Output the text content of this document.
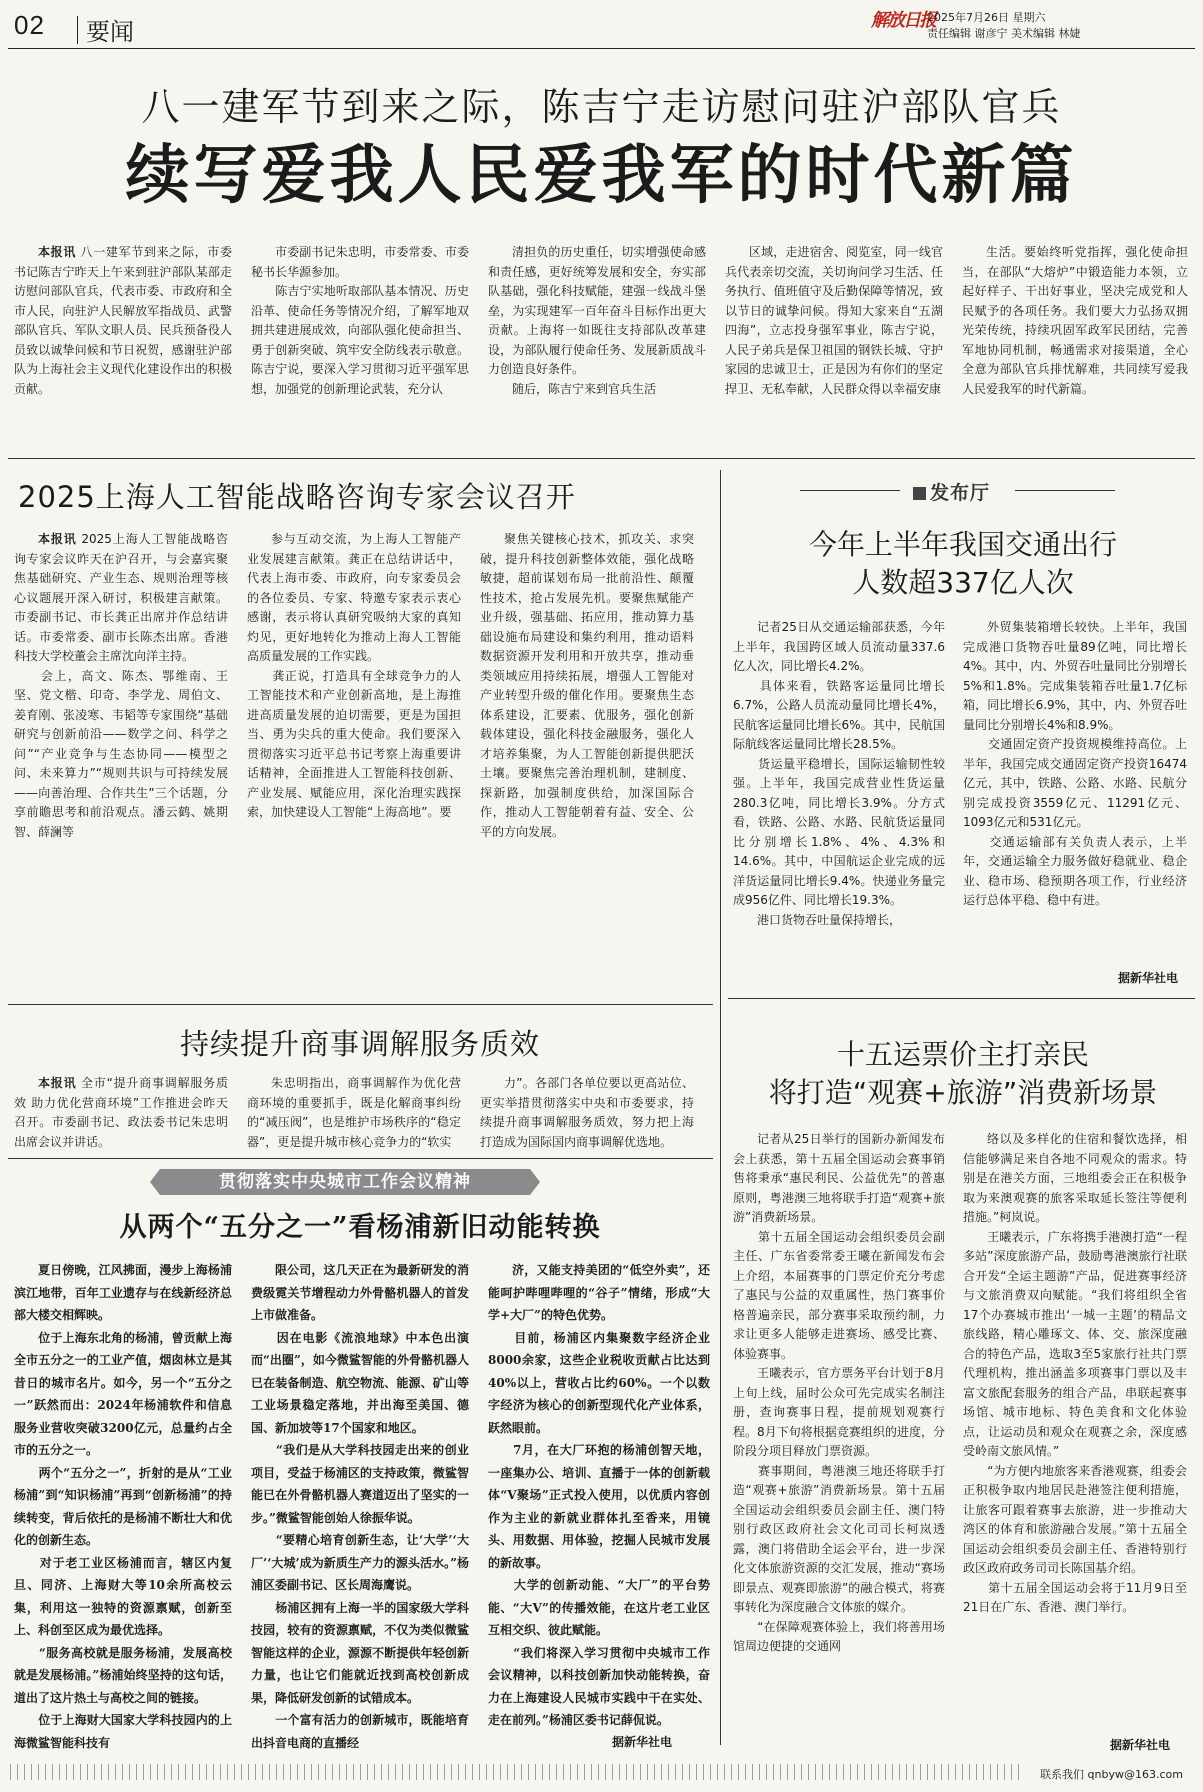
02 要闻	解放日报
2025年7月26日 星期六
责任编辑 谢彦宁 美术编辑 林婕
八一建军节到来之际，陈吉宁走访慰问驻沪部队官兵
续写爱我人民爱我军的时代新篇

本报讯 八一建军节到来之际，市委书记陈吉宁昨天上午来到驻沪部队某部走访慰问部队官兵，代表市委、市政府和全市人民，向驻沪人民解放军指战员、武警部队官兵、军队文职人员、民兵预备役人员致以诚挚问候和节日祝贺，感谢驻沪部队为上海社会主义现代化建设作出的积极贡献。

市委副书记朱忠明，市委常委、市委秘书长华源参加。
　　陈吉宁实地听取部队基本情况、历史沿革、使命任务等情况介绍，了解军地双拥共建进展成效，向部队强化使命担当、勇于创新突破、筑牢安全防线表示敬意。陈吉宁说，要深入学习贯彻习近平强军思想，加强党的创新理论武装，充分认

清担负的历史重任，切实增强使命感和责任感，更好统筹发展和安全，夯实部队基础，强化科技赋能，建强一线战斗堡垒，为实现建军一百年奋斗目标作出更大贡献。上海将一如既往支持部队改革建设，为部队履行使命任务、发展新质战斗力创造良好条件。
　　随后，陈吉宁来到官兵生活

区域，走进宿舍、阅览室，同一线官兵代表亲切交流，关切询问学习生活、任务执行、值班值守及后勤保障等情况，致以节日的诚挚问候。得知大家来自“五湖四海”，立志投身强军事业，陈吉宁说，人民子弟兵是保卫祖国的钢铁长城、守护家园的忠诚卫士，正是因为有你们的坚定捍卫、无私奉献，人民群众得以幸福安康

生活。要始终听党指挥，强化使命担当，在部队“大熔炉”中锻造能力本领，立起好样子、干出好事业，坚决完成党和人民赋予的各项任务。我们要大力弘扬双拥光荣传统，持续巩固军政军民团结，完善军地协同机制，畅通需求对接渠道，全心全意为部队官兵排忧解难，共同续写爱我人民爱我军的时代新篇。

2025上海人工智能战略咨询专家会议召开

本报讯 2025上海人工智能战略咨询专家会议昨天在沪召开，与会嘉宾聚焦基础研究、产业生态、规则治理等核心议题展开深入研讨，积极建言献策。市委副书记、市长龚正出席并作总结讲话。市委常委、副市长陈杰出席。香港科技大学校董会主席沈向洋主持。
　　会上，高文、陈杰、鄂维南、王坚、党文楷、印奇、李学龙、周伯文、姜育刚、张凌寒、韦韬等专家围绕“基础研究与创新前沿——数学之问、科学之问”“产业竞争与生态协同——模型之问、未来算力”“规则共识与可持续发展——向善治理、合作共生”三个话题，分享前瞻思考和前沿观点。潘云鹤、姚期智、薛澜等

参与互动交流，为上海人工智能产业发展建言献策。龚正在总结讲话中，代表上海市委、市政府，向专家委员会的各位委员、专家、特邀专家表示衷心感谢，表示将认真研究吸纳大家的真知灼见，更好地转化为推动上海人工智能高质量发展的工作实践。
　　龚正说，打造具有全球竞争力的人工智能技术和产业创新高地，是上海推进高质量发展的迫切需要，更是为国担当、勇为尖兵的重大使命。我们要深入贯彻落实习近平总书记考察上海重要讲话精神，全面推进人工智能科技创新、产业发展、赋能应用，深化治理实践探索，加快建设人工智能“上海高地”。要

聚焦关键核心技术，抓攻关、求突破，提升科技创新整体效能，强化战略敏捷，超前谋划布局一批前沿性、颠覆性技术，抢占发展先机。要聚焦赋能产业升级，强基础、拓应用，推动算力基础设施布局建设和集约利用，推动语料数据资源开发利用和开放共享，推动垂类领域应用持续拓展，增强人工智能对产业转型升级的催化作用。要聚焦生态体系建设，汇要素、优服务，强化创新载体建设，强化科技金融服务，强化人才培养集聚，为人工智能创新提供肥沃土壤。要聚焦完善治理机制，建制度、探新路，加强制度供给，加深国际合作，推动人工智能朝着有益、安全、公平的方向发展。

持续提升商事调解服务质效

本报讯 全市“提升商事调解服务质效 助力优化营商环境”工作推进会昨天召开。市委副书记、政法委书记朱忠明出席会议并讲话。

朱忠明指出，商事调解作为优化营商环境的重要抓手，既是化解商事纠纷的“减压阀”，也是维护市场秩序的“稳定器”，更是提升城市核心竞争力的“软实

力”。各部门各单位要以更高站位、更实举措贯彻落实中央和市委要求，持续提升商事调解服务质效，努力把上海打造成为国际国内商事调解优选地。

贯彻落实中央城市工作会议精神
从两个“五分之一”看杨浦新旧动能转换

夏日傍晚，江风拂面，漫步上海杨浦滨江地带，百年工业遗存与在线新经济总部大楼交相辉映。
　　位于上海东北角的杨浦，曾贡献上海全市五分之一的工业产值，烟囱林立是其昔日的城市名片。如今，另一个“五分之一”跃然而出：2024年杨浦软件和信息服务业营收突破3200亿元，总量约占全市的五分之一。
　　两个“五分之一”，折射的是从“工业杨浦”到“知识杨浦”再到“创新杨浦”的持续转变，背后依托的是杨浦不断壮大和优化的创新生态。
　　对于老工业区杨浦而言，辖区内复旦、同济、上海财大等10余所高校云集，利用这一独特的资源禀赋，创新至上、科创至区成为最优选择。
　　“服务高校就是服务杨浦，发展高校就是发展杨浦。”杨浦始终坚持的这句话，道出了这片热土与高校之间的链接。
　　位于上海财大国家大学科技园内的上海微鲨智能科技有

限公司，这几天正在为最新研发的消费级霓关节增程动力外骨骼机器人的首发上市做准备。
　　因在电影《流浪地球》中本色出演而“出圈”，如今微鲨智能的外骨骼机器人已在装备制造、航空物流、能源、矿山等工业场景稳定落地，并出海至美国、德国、新加坡等17个国家和地区。
　　“我们是从大学科技园走出来的创业项目，受益于杨浦区的支持政策，微鲨智能已在外骨骼机器人赛道迈出了坚实的一步。”微鲨智能创始人徐振华说。
　　“要精心培育创新生态，让‘大学’‘大厂’‘大城’成为新质生产力的源头活水。”杨浦区委副书记、区长周海鹰说。
　　杨浦区拥有上海一半的国家级大学科技园，较有的资源禀赋，不仅为类似微鲨智能这样的企业，源源不断提供年轻创新力量，也让它们能就近找到高校创新成果，降低研发创新的试错成本。
　　一个富有活力的创新城市，既能培育出抖音电商的直播经

济，又能支持美团的“低空外卖”，还能呵护哔哩哔哩的“谷子”情绪，形成“大学+大厂”的特色优势。
　　目前，杨浦区内集聚数字经济企业8000余家，这些企业税收贡献占比达到40%以上，营收占比约60%。一个以数字经济为核心的创新型现代化产业体系，跃然眼前。
　　7月，在大厂环抱的杨浦创智天地，一座集办公、培训、直播于一体的创新载体“V聚场”正式投入使用，以优质内容创作为主业的新就业群体扎至香来，用镜头、用数据、用体验，挖掘人民城市发展的新故事。
　　大学的创新动能、“大厂”的平台势能、“大V”的传播效能，在这片老工业区互相交织、彼此赋能。
　　“我们将深入学习贯彻中央城市工作会议精神，以科技创新加快动能转换，奋力在上海建设人民城市实践中干在实处、走在前列。”杨浦区委书记薛侃说。

据新华社电
发布厅
今年上半年我国交通出行
人数超337亿人次

记者25日从交通运输部获悉，今年上半年，我国跨区域人员流动量337.6亿人次，同比增长4.2%。
　　具体来看，铁路客运量同比增长6.7%，公路人员流动量同比增长4%，民航客运量同比增长6%。其中，民航国际航线客运量同比增长28.5%。
　　货运量平稳增长，国际运输韧性较强。上半年，我国完成营业性货运量280.3亿吨，同比增长3.9%。分方式看，铁路、公路、水路、民航货运量同比分别增长1.8%、4%、4.3%和14.6%。其中，中国航运企业完成的远洋货运量同比增长9.4%。快递业务量完成956亿件、同比增长19.3%。
　　港口货物吞吐量保持增长，

外贸集装箱增长较快。上半年，我国完成港口货物吞吐量89亿吨，同比增长4%。其中，内、外贸吞吐量同比分别增长5%和1.8%。完成集装箱吞吐量1.7亿标箱，同比增长6.9%，其中，内、外贸吞吐量同比分别增长4%和8.9%。
　　交通固定资产投资规模维持高位。上半年，我国完成交通固定资产投资16474亿元，其中，铁路、公路、水路、民航分别完成投资3559亿元、11291亿元、1093亿元和531亿元。
　　交通运输部有关负责人表示，上半年，交通运输全力服务做好稳就业、稳企业、稳市场、稳预期各项工作，行业经济运行总体平稳、稳中有进。

据新华社电
十五运票价主打亲民
将打造“观赛+旅游”消费新场景

记者从25日举行的国新办新闻发布会上获悉，第十五届全国运动会赛事销售将秉承“惠民利民、公益优先”的普惠原则，粤港澳三地将联手打造“观赛+旅游”消费新场景。
　　第十五届全国运动会组织委员会副主任、广东省委常委王曦在新闻发布会上介绍，本届赛事的门票定价充分考虑了惠民与公益的双重属性，热门赛事价格普遍亲民，部分赛事采取预约制，力求让更多人能够走进赛场、感受比赛、体验赛事。
　　王曦表示，官方票务平台计划于8月上旬上线，届时公众可先完成实名制注册，查询赛事日程，提前规划观赛行程。8月下旬将根据竞赛组织的进度，分阶段分项目释放门票资源。
　　赛事期间，粤港澳三地还将联手打造“观赛+旅游”消费新场景。第十五届全国运动会组织委员会副主任、澳门特别行政区政府社会文化司司长柯岚透露，澳门将借助全运会平台，进一步深化文体旅游资源的交汇发展，推动“赛场即景点、观赛即旅游”的融合模式，将赛事转化为深度融合文体旅的媒介。
　　“在保障观赛体验上，我们将善用场馆周边便捷的交通网

络以及多样化的住宿和餐饮选择，相信能够满足来自各地不同观众的需求。特别是在港关方面，三地组委会正在积极争取为来澳观赛的旅客采取延长签注等便利措施。”柯岚说。
　　王曦表示，广东将携手港澳打造“一程多站”深度旅游产品，鼓励粤港澳旅行社联合开发“全运主题游”产品，促进赛事经济与文旅消费双向赋能。“我们将组织全省17个办赛城市推出‘一城一主题’的精品文旅线路，精心雕琢文、体、交、旅深度融合的特色产品，选取3至5家旅行社共门票代理机构，推出涵盖多项赛事门票以及丰富文旅配套服务的组合产品，串联起赛事场馆、城市地标、特色美食和文化体验点，让运动员和观众在观赛之余，深度感受岭南文旅风情。”
　　“为方便内地旅客来香港观赛，组委会正积极争取内地居民赴港签注便利措施，让旅客可跟着赛事去旅游，进一步推动大湾区的体育和旅游融合发展。”第十五届全国运动会组织委员会副主任、香港特别行政区政府政务司司长陈国基介绍。
　　第十五届全国运动会将于11月9日至21日在广东、香港、澳门举行。

据新华社电
联系我们 qnbyw@163.com
